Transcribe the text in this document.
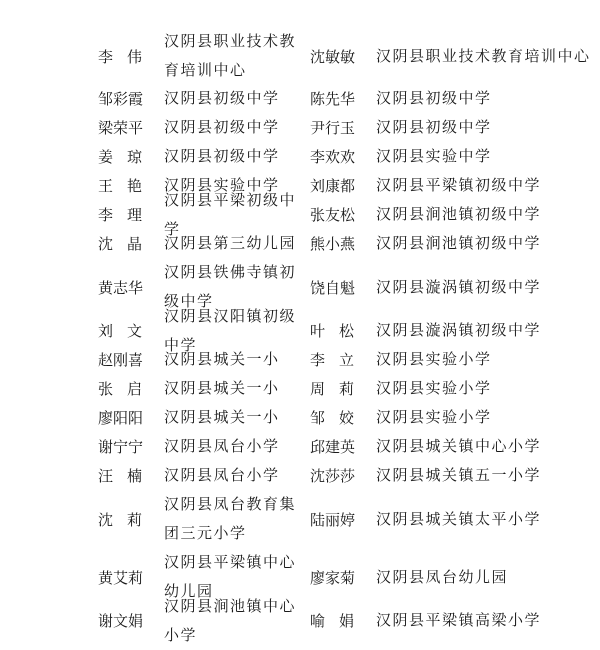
李伟
汉阴县职业技术教育培训中心
沈敏敏 汉阴县职业技术教育培训中心
邹彩霞 汉阴县初级中学 陈先华 汉阴县初级中学
梁荣平 汉阴县初级中学 尹行玉 汉阴县初级中学
姜琼 汉阴县初级中学 李欢欢 汉阴县实验中学
王艳 汉阴县实验中学 刘康都 汉阴县平梁镇初级中学
李理
汉阴县平梁初级中学
张友松 汉阴县涧池镇初级中学
沈晶 汉阴县第三幼儿园 熊小燕 汉阴县涧池镇初级中学
黄志华
汉阴县铁佛寺镇初级中学
饶自魁 汉阴县漩涡镇初级中学
刘文
汉阴县汉阳镇初级中学
叶松 汉阴县漩涡镇初级中学
赵刚喜 汉阴县城关一小 李立 汉阴县实验小学
张启 汉阴县城关一小 周莉 汉阴县实验小学
廖阳阳 汉阴县城关一小 邹姣 汉阴县实验小学
谢宁宁 汉阴县凤台小学 邱建英 汉阴县城关镇中心小学
汪楠 汉阴县凤台小学 沈莎莎 汉阴县城关镇五一小学
沈莉
汉阴县凤台教育集团三元小学
陆丽婷 汉阴县城关镇太平小学
黄艾莉
汉阴县平梁镇中心幼儿园
廖家菊 汉阴县凤台幼儿园
谢文娟
汉阴县涧池镇中心小学
喻娟 汉阴县平梁镇高梁小学
